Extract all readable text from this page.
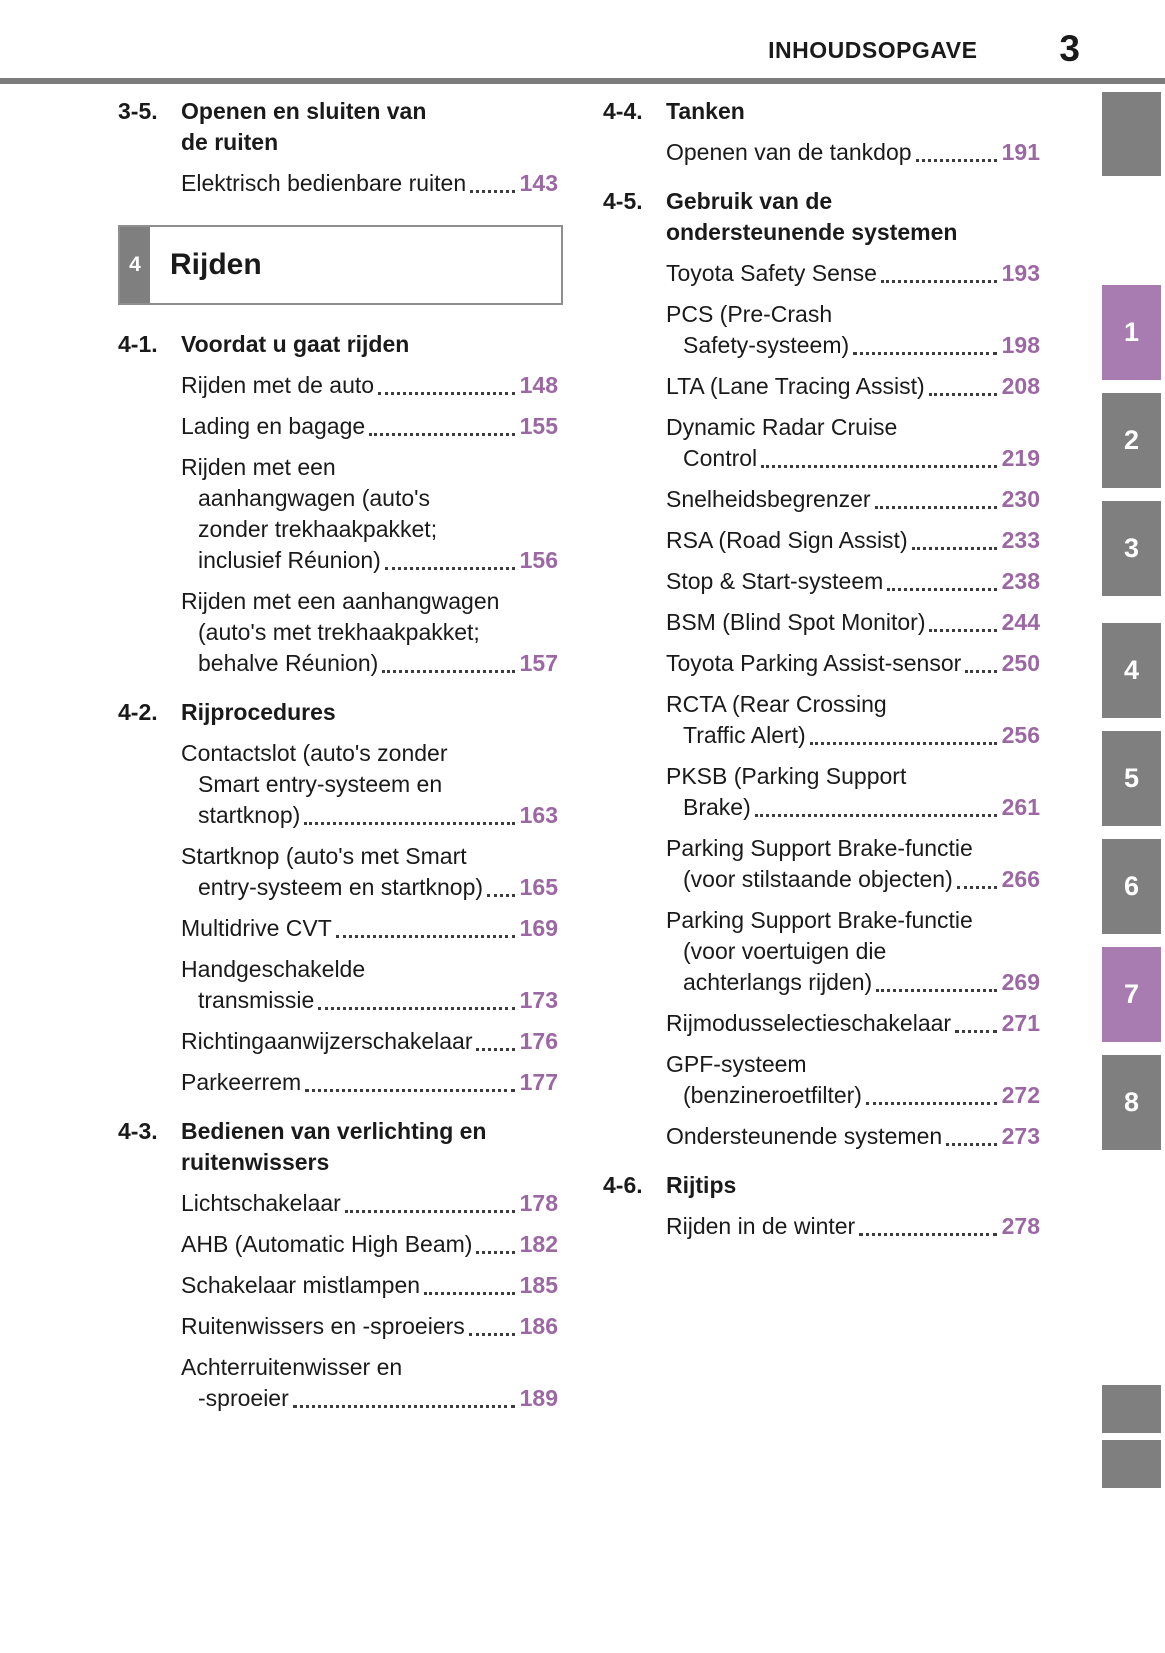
INHOUDSOPGAVE 3
3-5.	Openen en sluiten van
de ruiten
Elektrisch bedienbare ruiten 143
4 Rijden
4-1.	Voordat u gaat rijden
Rijden met de auto	148
Lading en bagage	155
Rijden met een
aanhangwagen (auto's
zonder trekhaakpakket;
inclusief Réunion)	156
Rijden met een aanhangwagen
(auto's met trekhaakpakket;
behalve Réunion)	157
4-2.	Rijprocedures
Contactslot (auto's zonder
Smart entry-systeem en
startknop)	163
Startknop (auto's met Smart
entry-systeem en startknop) 165
Multidrive CVT	169
Handgeschakelde
transmissie	173
Richtingaanwijzerschakelaar 176
Parkeerrem	177
4-3.	Bedienen van verlichting en
ruitenwissers
Lichtschakelaar	178
AHB (Automatic High Beam) 182
Schakelaar mistlampen	185
Ruitenwissers en -sproeiers 186
Achterruitenwisser en
-sproeier	189
4-4.	Tanken
Openen van de tankdop	191
4-5.	Gebruik van de
ondersteunende systemen
Toyota Safety Sense	193
PCS (Pre-Crash
Safety-systeem)	198
LTA (Lane Tracing Assist)	208
Dynamic Radar Cruise
Control	219
Snelheidsbegrenzer	230
RSA (Road Sign Assist)	233
Stop & Start-systeem	238
BSM (Blind Spot Monitor)	244
Toyota Parking Assist-sensor 250
RCTA (Rear Crossing
Traffic Alert)	256
PKSB (Parking Support
Brake)	261
Parking Support Brake-functie
(voor stilstaande objecten) 266
Parking Support Brake-functie
(voor voertuigen die
achterlangs rijden)	269
Rijmodusselectieschakelaar 271
GPF-systeem
(benzineroetfilter)	272
Ondersteunende systemen	273
4-6.	Rijtips
Rijden in de winter	278
1
2
3
4
5
6
7
8
